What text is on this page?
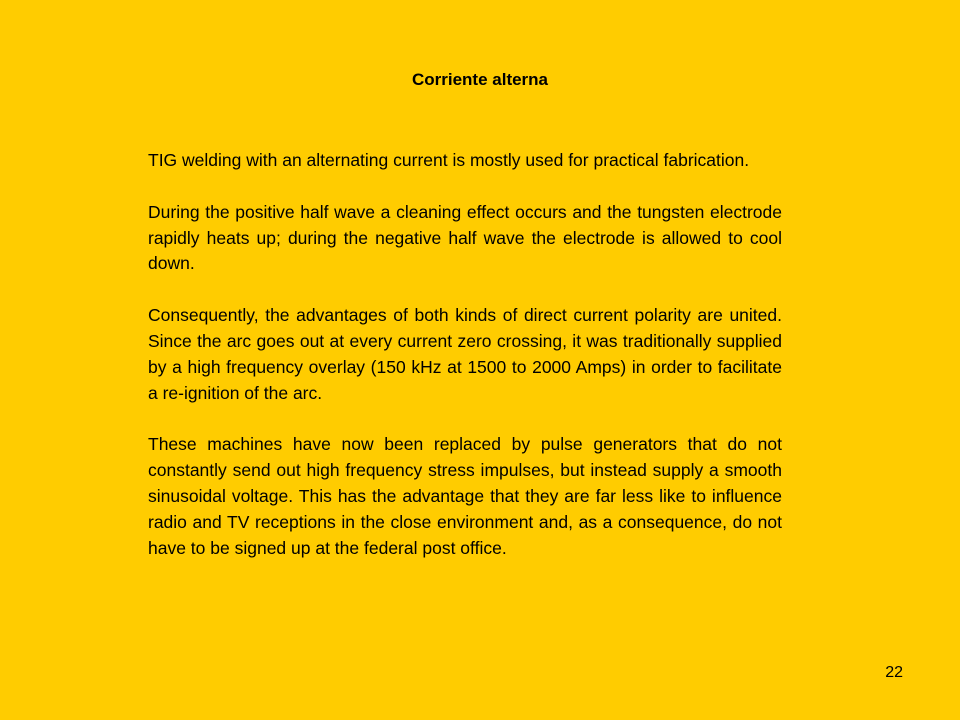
Corriente alterna

TIG welding with an alternating current is mostly used for practical fabrication.

During the positive half wave a cleaning effect occurs and the tungsten electrode rapidly heats up; during the negative half wave the electrode is allowed to cool down.

Consequently, the advantages of both kinds of direct current polarity are united. Since the arc goes out at every current zero crossing, it was traditionally supplied by a high frequency overlay (150 kHz at 1500 to 2000 Amps) in order to facilitate a re-ignition of the arc.

These machines have now been replaced by pulse generators that do not constantly send out high frequency stress impulses, but instead supply a smooth sinusoidal voltage. This has the advantage that they are far less like to influence radio and TV receptions in the close environment and, as a consequence, do not have to be signed up at the federal post office.

22
